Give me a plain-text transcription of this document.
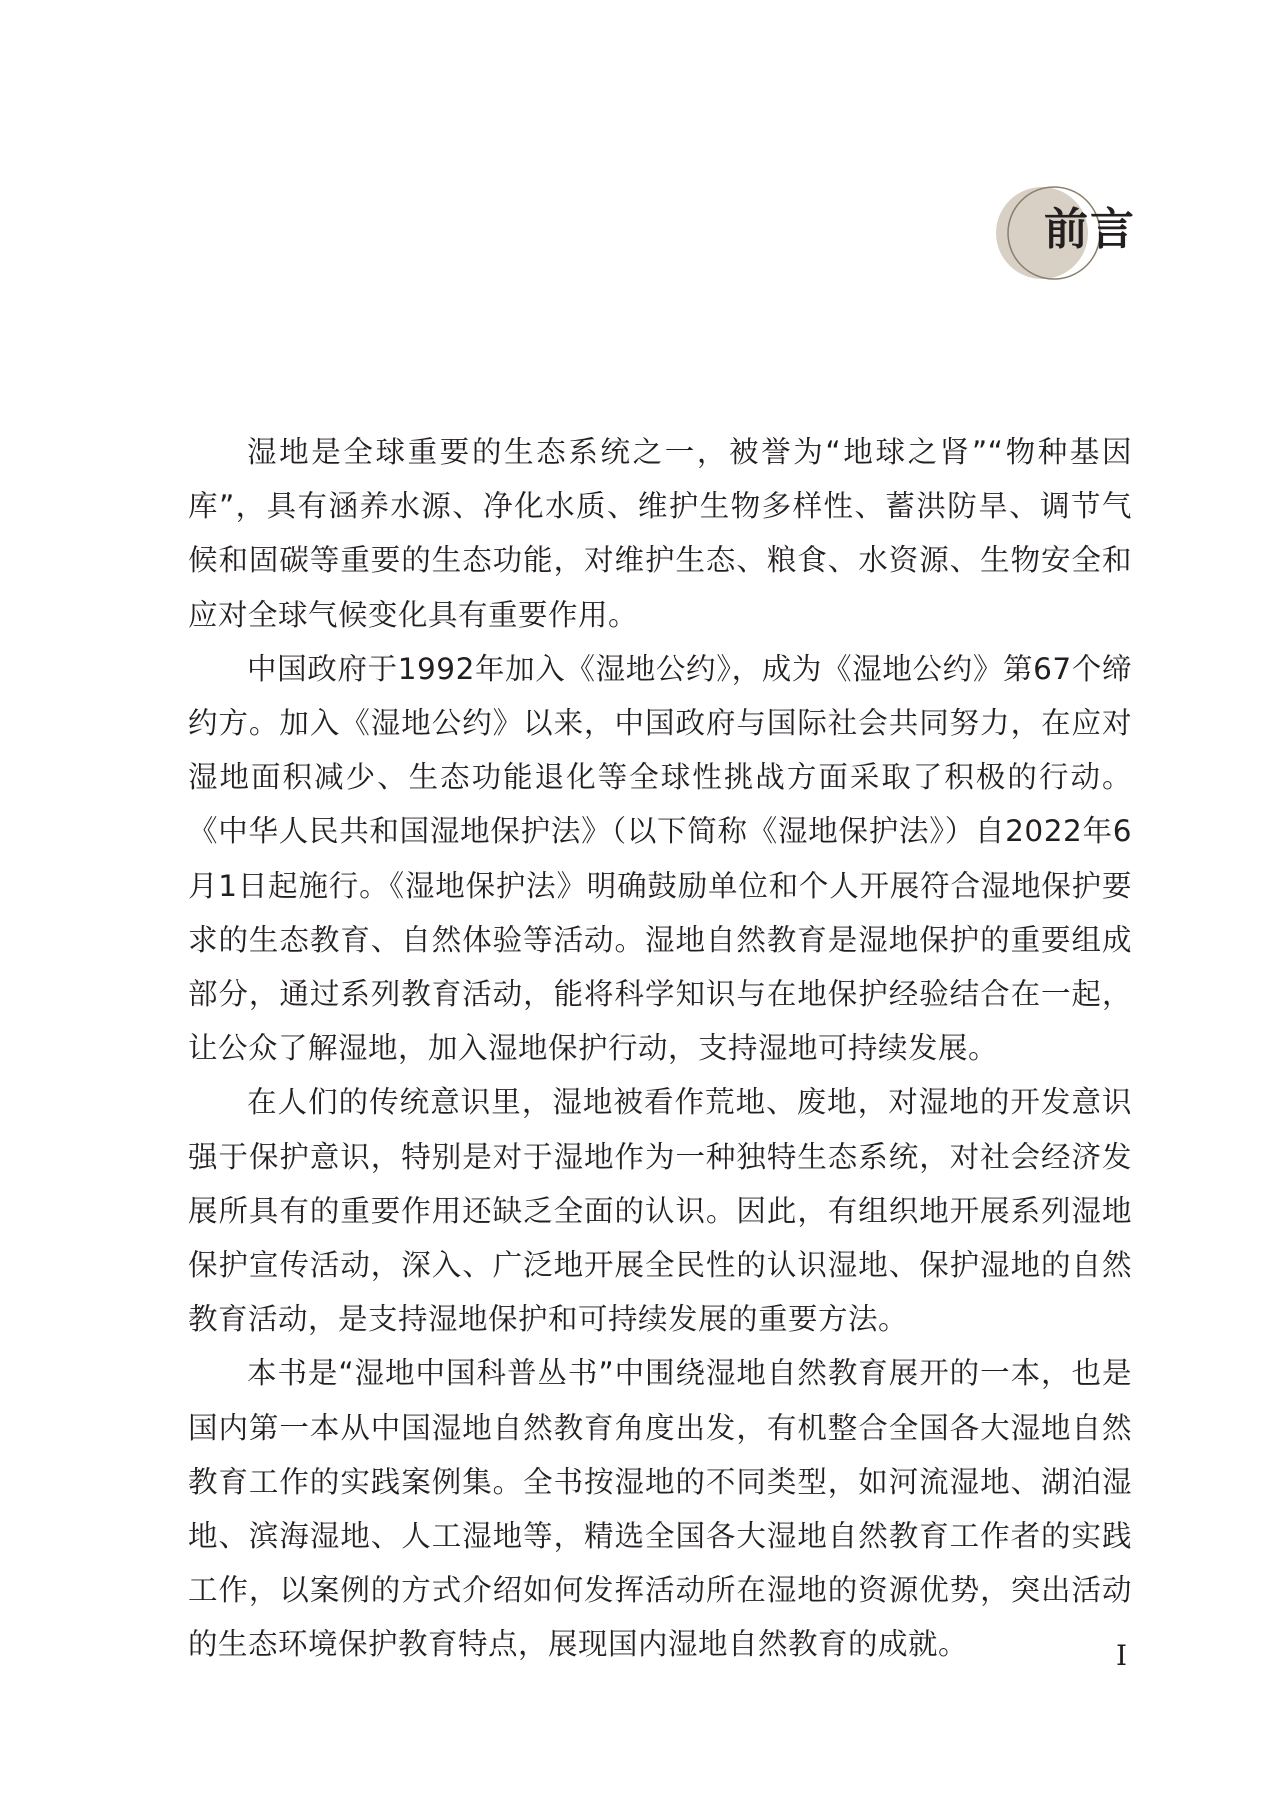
前言

湿地是全球重要的生态系统之一，被誉为“地球之肾”“物种基因库”，具有涵养水源、净化水质、维护生物多样性、蓄洪防旱、调节气候和固碳等重要的生态功能，对维护生态、粮食、水资源、生物安全和应对全球气候变化具有重要作用。

中国政府于1992年加入《湿地公约》，成为《湿地公约》第67个缔约方。加入《湿地公约》以来，中国政府与国际社会共同努力，在应对湿地面积减少、生态功能退化等全球性挑战方面采取了积极的行动。《中华人民共和国湿地保护法》（以下简称《湿地保护法》）自2022年6月1日起施行。《湿地保护法》明确鼓励单位和个人开展符合湿地保护要求的生态教育、自然体验等活动。湿地自然教育是湿地保护的重要组成部分，通过系列教育活动，能将科学知识与在地保护经验结合在一起，让公众了解湿地，加入湿地保护行动，支持湿地可持续发展。

在人们的传统意识里，湿地被看作荒地、废地，对湿地的开发意识强于保护意识，特别是对于湿地作为一种独特生态系统，对社会经济发展所具有的重要作用还缺乏全面的认识。因此，有组织地开展系列湿地保护宣传活动，深入、广泛地开展全民性的认识湿地、保护湿地的自然教育活动，是支持湿地保护和可持续发展的重要方法。

本书是“湿地中国科普丛书”中围绕湿地自然教育展开的一本，也是国内第一本从中国湿地自然教育角度出发，有机整合全国各大湿地自然教育工作的实践案例集。全书按湿地的不同类型，如河流湿地、湖泊湿地、滨海湿地、人工湿地等，精选全国各大湿地自然教育工作者的实践工作，以案例的方式介绍如何发挥活动所在湿地的资源优势，突出活动的生态环境保护教育特点，展现国内湿地自然教育的成就。	I
